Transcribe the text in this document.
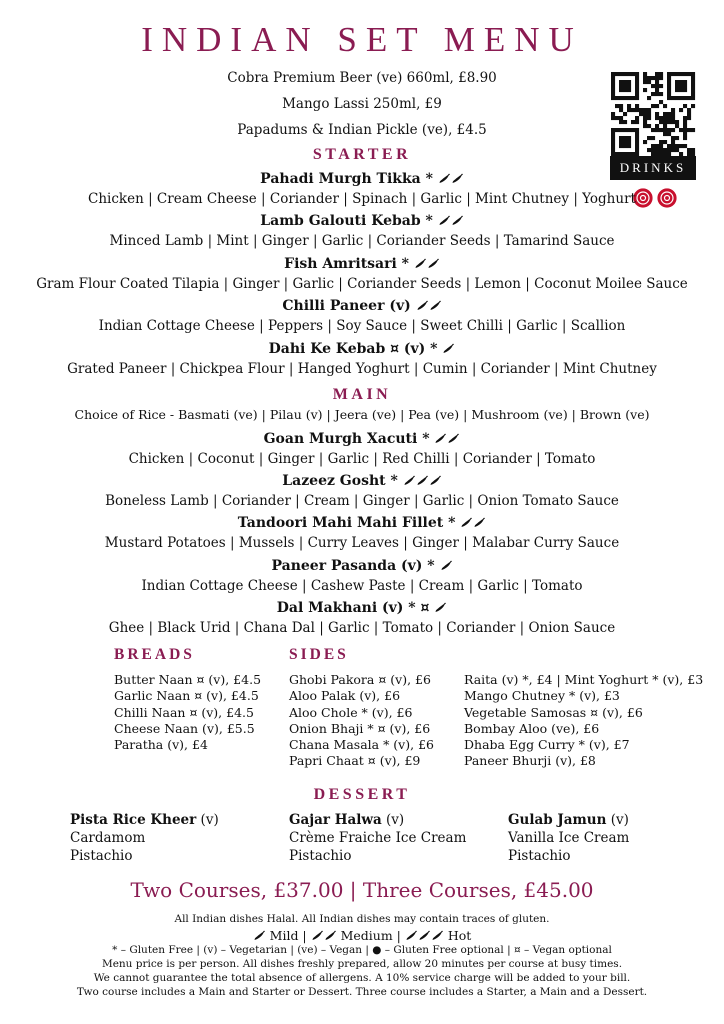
INDIAN SET MENU
Cobra Premium Beer (ve) 660ml, £8.90
Mango Lassi 250ml, £9
Papadums & Indian Pickle (ve), £4.5
DRINKS
STARTER
Pahadi Murgh Tikka *
Chicken | Cream Cheese | Coriander | Spinach | Garlic | Mint Chutney | Yoghurt
Lamb Galouti Kebab *
Minced Lamb | Mint | Ginger | Garlic | Coriander Seeds | Tamarind Sauce
Fish Amritsari *
Gram Flour Coated Tilapia | Ginger | Garlic | Coriander Seeds | Lemon | Coconut Moilee Sauce
Chilli Paneer (v)
Indian Cottage Cheese | Peppers | Soy Sauce | Sweet Chilli | Garlic | Scallion
Dahi Ke Kebab ¤ (v) *
Grated Paneer | Chickpea Flour | Hanged Yoghurt | Cumin | Coriander | Mint Chutney
MAIN
Choice of Rice - Basmati (ve) | Pilau (v) | Jeera (ve) | Pea (ve) | Mushroom (ve) | Brown (ve)
Goan Murgh Xacuti *
Chicken | Coconut | Ginger | Garlic | Red Chilli | Coriander | Tomato
Lazeez Gosht *
Boneless Lamb | Coriander | Cream | Ginger | Garlic | Onion Tomato Sauce
Tandoori Mahi Mahi Fillet *
Mustard Potatoes | Mussels | Curry Leaves | Ginger | Malabar Curry Sauce
Paneer Pasanda (v) *
Indian Cottage Cheese | Cashew Paste | Cream | Garlic | Tomato
Dal Makhani (v) * ¤
Ghee | Black Urid | Chana Dal | Garlic | Tomato | Coriander | Onion Sauce
BREADS	SIDES
Butter Naan ¤ (v), £4.5
Garlic Naan ¤ (v), £4.5
Chilli Naan ¤ (v), £4.5
Cheese Naan (v), £5.5
Paratha (v), £4
Ghobi Pakora ¤ (v), £6
Aloo Palak (v), £6
Aloo Chole * (v), £6
Onion Bhaji * ¤ (v), £6
Chana Masala * (v), £6
Papri Chaat ¤ (v), £9
Raita (v) *, £4 | Mint Yoghurt * (v), £3
Mango Chutney * (v), £3
Vegetable Samosas ¤ (v), £6
Bombay Aloo (ve), £6
Dhaba Egg Curry * (v), £7
Paneer Bhurji (v), £8
DESSERT
Pista Rice Kheer (v)
Cardamom
Pistachio
Gajar Halwa (v)
Crème Fraiche Ice Cream
Pistachio
Gulab Jamun (v)
Vanilla Ice Cream
Pistachio
Two Courses, £37.00 | Three Courses, £45.00
All Indian dishes Halal. All Indian dishes may contain traces of gluten.
Mild |	Medium |	Hot
* – Gluten Free | (v) – Vegetarian | (ve) – Vegan | ● – Gluten Free optional | ¤ – Vegan optional
Menu price is per person. All dishes freshly prepared, allow 20 minutes per course at busy times.
We cannot guarantee the total absence of allergens. A 10% service charge will be added to your bill.
Two course includes a Main and Starter or Dessert. Three course includes a Starter, a Main and a Dessert.
